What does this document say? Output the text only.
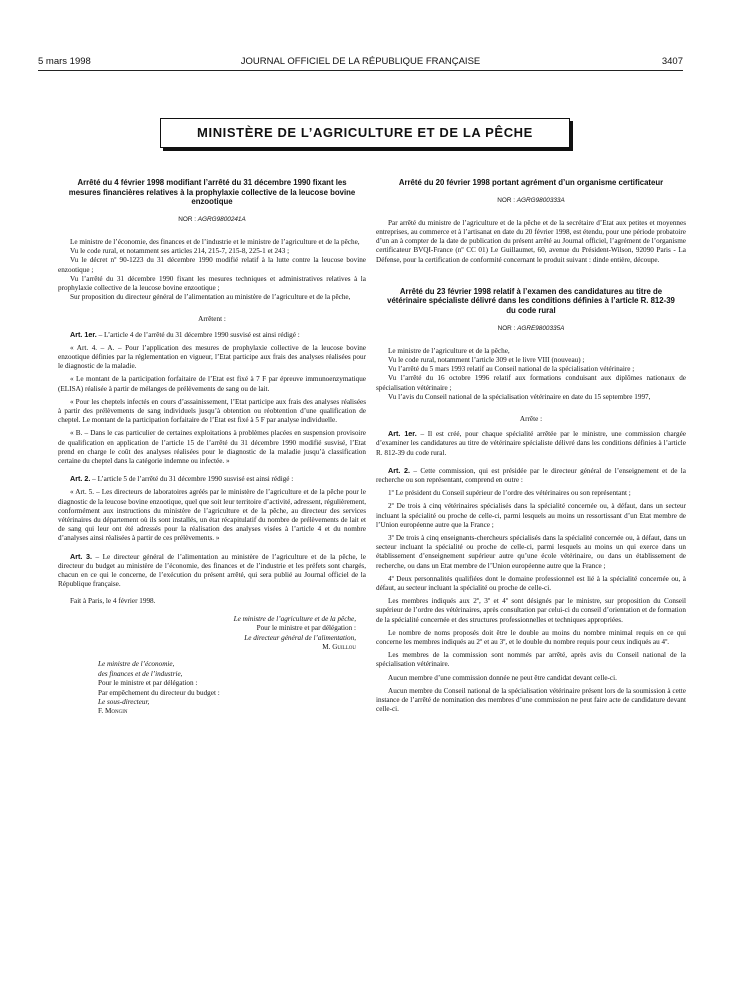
5 mars 1998	JOURNAL OFFICIEL DE LA RÉPUBLIQUE FRANÇAISE	3407
MINISTÈRE DE L’AGRICULTURE ET DE LA PÊCHE
Arrêté du 4 février 1998 modifiant l’arrêté du 31 décembre 1990 fixant les mesures financières relatives à la prophylaxie collective de la leucose bovine enzootique
NOR : AGRG9800241A

Le ministre de l’économie, des finances et de l’industrie et le ministre de l’agriculture et de la pêche,

Vu le code rural, et notamment ses articles 214, 215-7, 215-8, 225-1 et 243 ;

Vu le décret nº 90-1223 du 31 décembre 1990 modifié relatif à la lutte contre la leucose bovine enzootique ;

Vu l’arrêté du 31 décembre 1990 fixant les mesures techniques et administratives relatives à la prophylaxie collective de la leucose bovine enzootique ;

Sur proposition du directeur général de l’alimentation au ministère de l’agriculture et de la pêche,

Arrêtent :

Art. 1er. – L’article 4 de l’arrêté du 31 décembre 1990 susvisé est ainsi rédigé :

« Art. 4. – A. – Pour l’application des mesures de prophylaxie collective de la leucose bovine enzootique définies par la réglementation en vigueur, l’Etat participe aux frais des analyses réalisées pour le diagnostic de la maladie.

« Le montant de la participation forfaitaire de l’Etat est fixé à 7 F par épreuve immunoenzymatique (ELISA) réalisée à partir de mélanges de prélèvements de sang ou de lait.

« Pour les cheptels infectés en cours d’assainissement, l’Etat participe aux frais des analyses réalisées à partir des prélèvements de sang individuels jusqu’à obtention ou réobtention d’une qualification de cheptel. Le montant de la participation forfaitaire de l’Etat est fixé à 5 F par analyse individuelle.

« B. – Dans le cas particulier de certaines exploitations à problèmes placées en suspension provisoire de qualification en application de l’article 15 de l’arrêté du 31 décembre 1990 modifié susvisé, l’Etat prend en charge le coût des analyses réalisées pour le diagnostic de la maladie jusqu’à classification certaine du cheptel dans la catégorie indemne ou infectée. »

Art. 2. – L’article 5 de l’arrêté du 31 décembre 1990 susvisé est ainsi rédigé :

« Art. 5. – Les directeurs de laboratoires agréés par le ministère de l’agriculture et de la pêche pour le diagnostic de la leucose bovine enzootique, quel que soit leur territoire d’activité, adressent, régulièrement, conformément aux instructions du ministère de l’agriculture et de la pêche, au directeur des services vétérinaires du département où ils sont installés, un état récapitulatif du nombre de prélèvements de lait et de sang qui leur ont été adressés pour la réalisation des analyses visées à l’article 4 et du nombre d’analyses ainsi réalisées à partir de ces prélèvements. »

Art. 3. – Le directeur général de l’alimentation au ministère de l’agriculture et de la pêche, le directeur du budget au ministère de l’économie, des finances et de l’industrie et les préfets sont chargés, chacun en ce qui le concerne, de l’exécution du présent arrêté, qui sera publié au Journal officiel de la République française.

Fait à Paris, le 4 février 1998.

Le ministre de l’agriculture et de la pêche,
Pour le ministre et par délégation :
Le directeur général de l’alimentation,
M. Guillou
Le ministre de l’économie,
des finances et de l’industrie,
Pour le ministre et par délégation :
Par empêchement du directeur du budget :
Le sous-directeur,
F. Mongin
Arrêté du 20 février 1998 portant agrément d’un organisme certificateur
NOR : AGRG9800333A

Par arrêté du ministre de l’agriculture et de la pêche et de la secrétaire d’Etat aux petites et moyennes entreprises, au commerce et à l’artisanat en date du 20 février 1998, est étendu, pour une période probatoire d’un an à compter de la date de publication du présent arrêté au Journal officiel, l’agrément de l’organisme certificateur BVQI-France (nº CC 01) Le Guillaumet, 60, avenue du Président-Wilson, 92090 Paris - La Défense, pour la certification de conformité concernant le produit suivant : dinde entière, découpe.

Arrêté du 23 février 1998 relatif à l’examen des candidatures au titre de vétérinaire spécialiste délivré dans les conditions définies à l’article R. 812-39 du code rural
NOR : AGRE9800335A

Le ministre de l’agriculture et de la pêche,

Vu le code rural, notamment l’article 309 et le livre VIII (nouveau) ;

Vu l’arrêté du 5 mars 1993 relatif au Conseil national de la spécialisation vétérinaire ;

Vu l’arrêté du 16 octobre 1996 relatif aux formations conduisant aux diplômes nationaux de spécialisation vétérinaire ;

Vu l’avis du Conseil national de la spécialisation vétérinaire en date du 15 septembre 1997,

Arrête :

Art. 1er. – Il est créé, pour chaque spécialité arrêtée par le ministre, une commission chargée d’examiner les candidatures au titre de vétérinaire spécialiste délivré dans les conditions définies à l’article R. 812-39 du code rural.

Art. 2. – Cette commission, qui est présidée par le directeur général de l’enseignement et de la recherche ou son représentant, comprend en outre :

1º Le président du Conseil supérieur de l’ordre des vétérinaires ou son représentant ;

2º De trois à cinq vétérinaires spécialisés dans la spécialité concernée ou, à défaut, dans un secteur incluant la spécialité ou proche de celle-ci, parmi lesquels au moins un ressortissant d’un Etat membre de l’Union européenne autre que la France ;

3º De trois à cinq enseignants-chercheurs spécialisés dans la spécialité concernée ou, à défaut, dans un secteur incluant la spécialité ou proche de celle-ci, parmi lesquels au moins un qui exerce dans un établissement d’enseignement supérieur autre qu’une école vétérinaire, ou dans un établissement de recherche, ou dans un Etat membre de l’Union européenne autre que la France ;

4º Deux personnalités qualifiées dont le domaine professionnel est lié à la spécialité concernée ou, à défaut, au secteur incluant la spécialité ou proche de celle-ci.

Les membres indiqués aux 2º, 3º et 4º sont désignés par le ministre, sur proposition du Conseil supérieur de l’ordre des vétérinaires, après consultation par celui-ci du conseil d’orientation et de formation de la spécialité concernée et des structures professionnelles et techniques appropriées.

Le nombre de noms proposés doit être le double au moins du nombre minimal requis en ce qui concerne les membres indiqués au 2º et au 3º, et le double du nombre requis pour ceux indiqués au 4º.

Les membres de la commission sont nommés par arrêté, après avis du Conseil national de la spécialisation vétérinaire.

Aucun membre d’une commission donnée ne peut être candidat devant celle-ci.

Aucun membre du Conseil national de la spécialisation vétérinaire présent lors de la soumission à cette instance de l’arrêté de nomination des membres d’une commission ne peut faire acte de candidature devant celle-ci.
